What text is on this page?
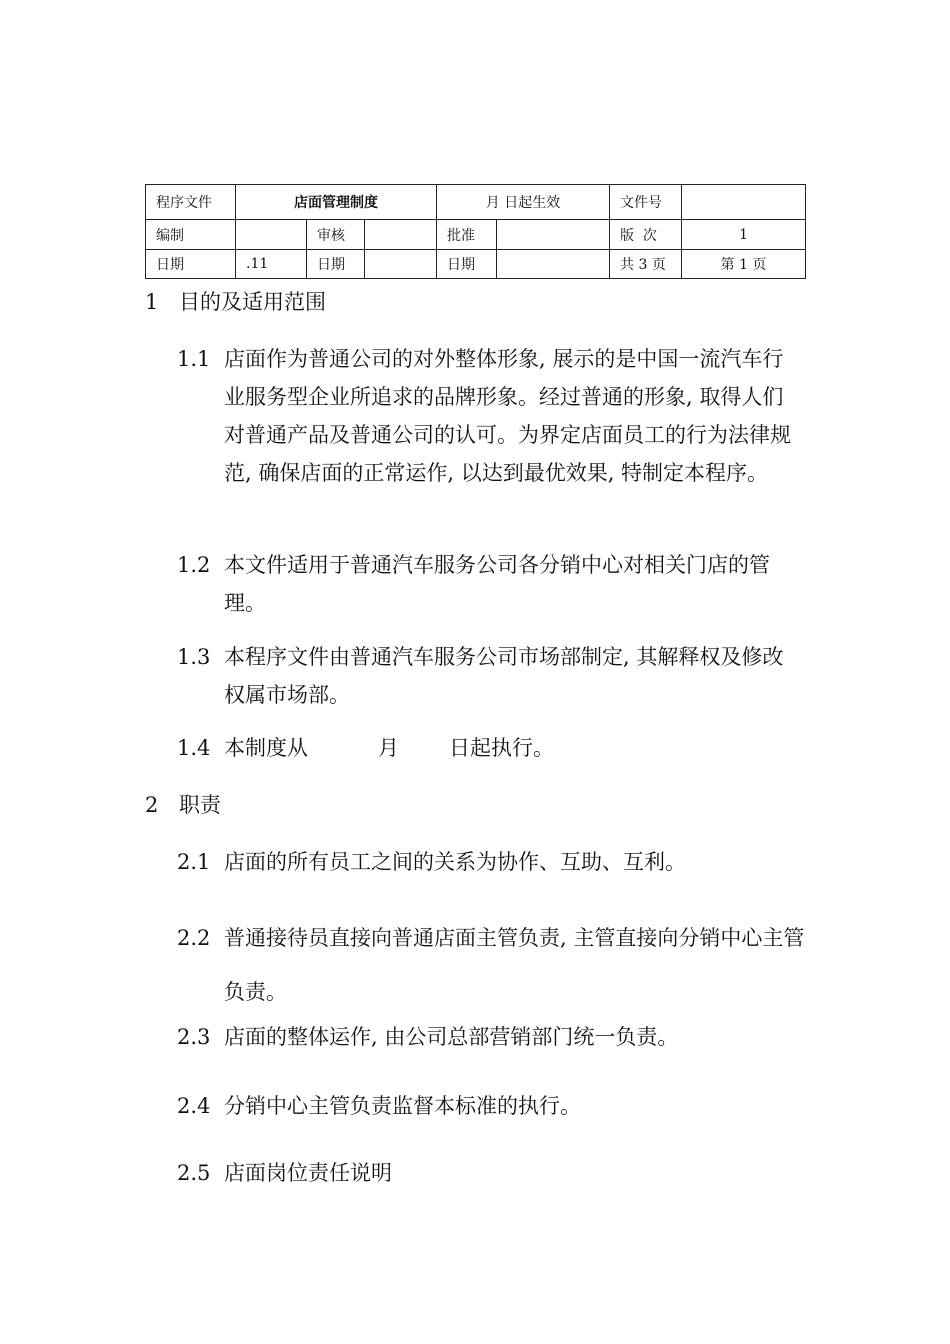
程序文件	店面管理制度			月 日起生效		文件号	
编制		审核		批准		版  次	1
日期	.11	日期		日期		共 3 页	第 1 页
1 目的及适用范围
1.1 店面作为普通公司的对外整体形象, 展示的是中国一流汽车行业服务型企业所追求的品牌形象。经过普通的形象, 取得人们对普通产品及普通公司的认可。为界定店面员工的行为法律规范, 确保店面的正常运作, 以达到最优效果, 特制定本程序。
1.2 本文件适用于普通汽车服务公司各分销中心对相关门店的管理。
1.3 本程序文件由普通汽车服务公司市场部制定, 其解释权及修改权属市场部。
1.4 本制度从	月 日起执行。
2 职责
2.1 店面的所有员工之间的关系为协作、互助、互利。
2.2 普通接待员直接向普通店面主管负责, 主管直接向分销中心主管负责。
2.3 店面的整体运作, 由公司总部营销部门统一负责。
2.4 分销中心主管负责监督本标准的执行。
2.5 店面岗位责任说明
